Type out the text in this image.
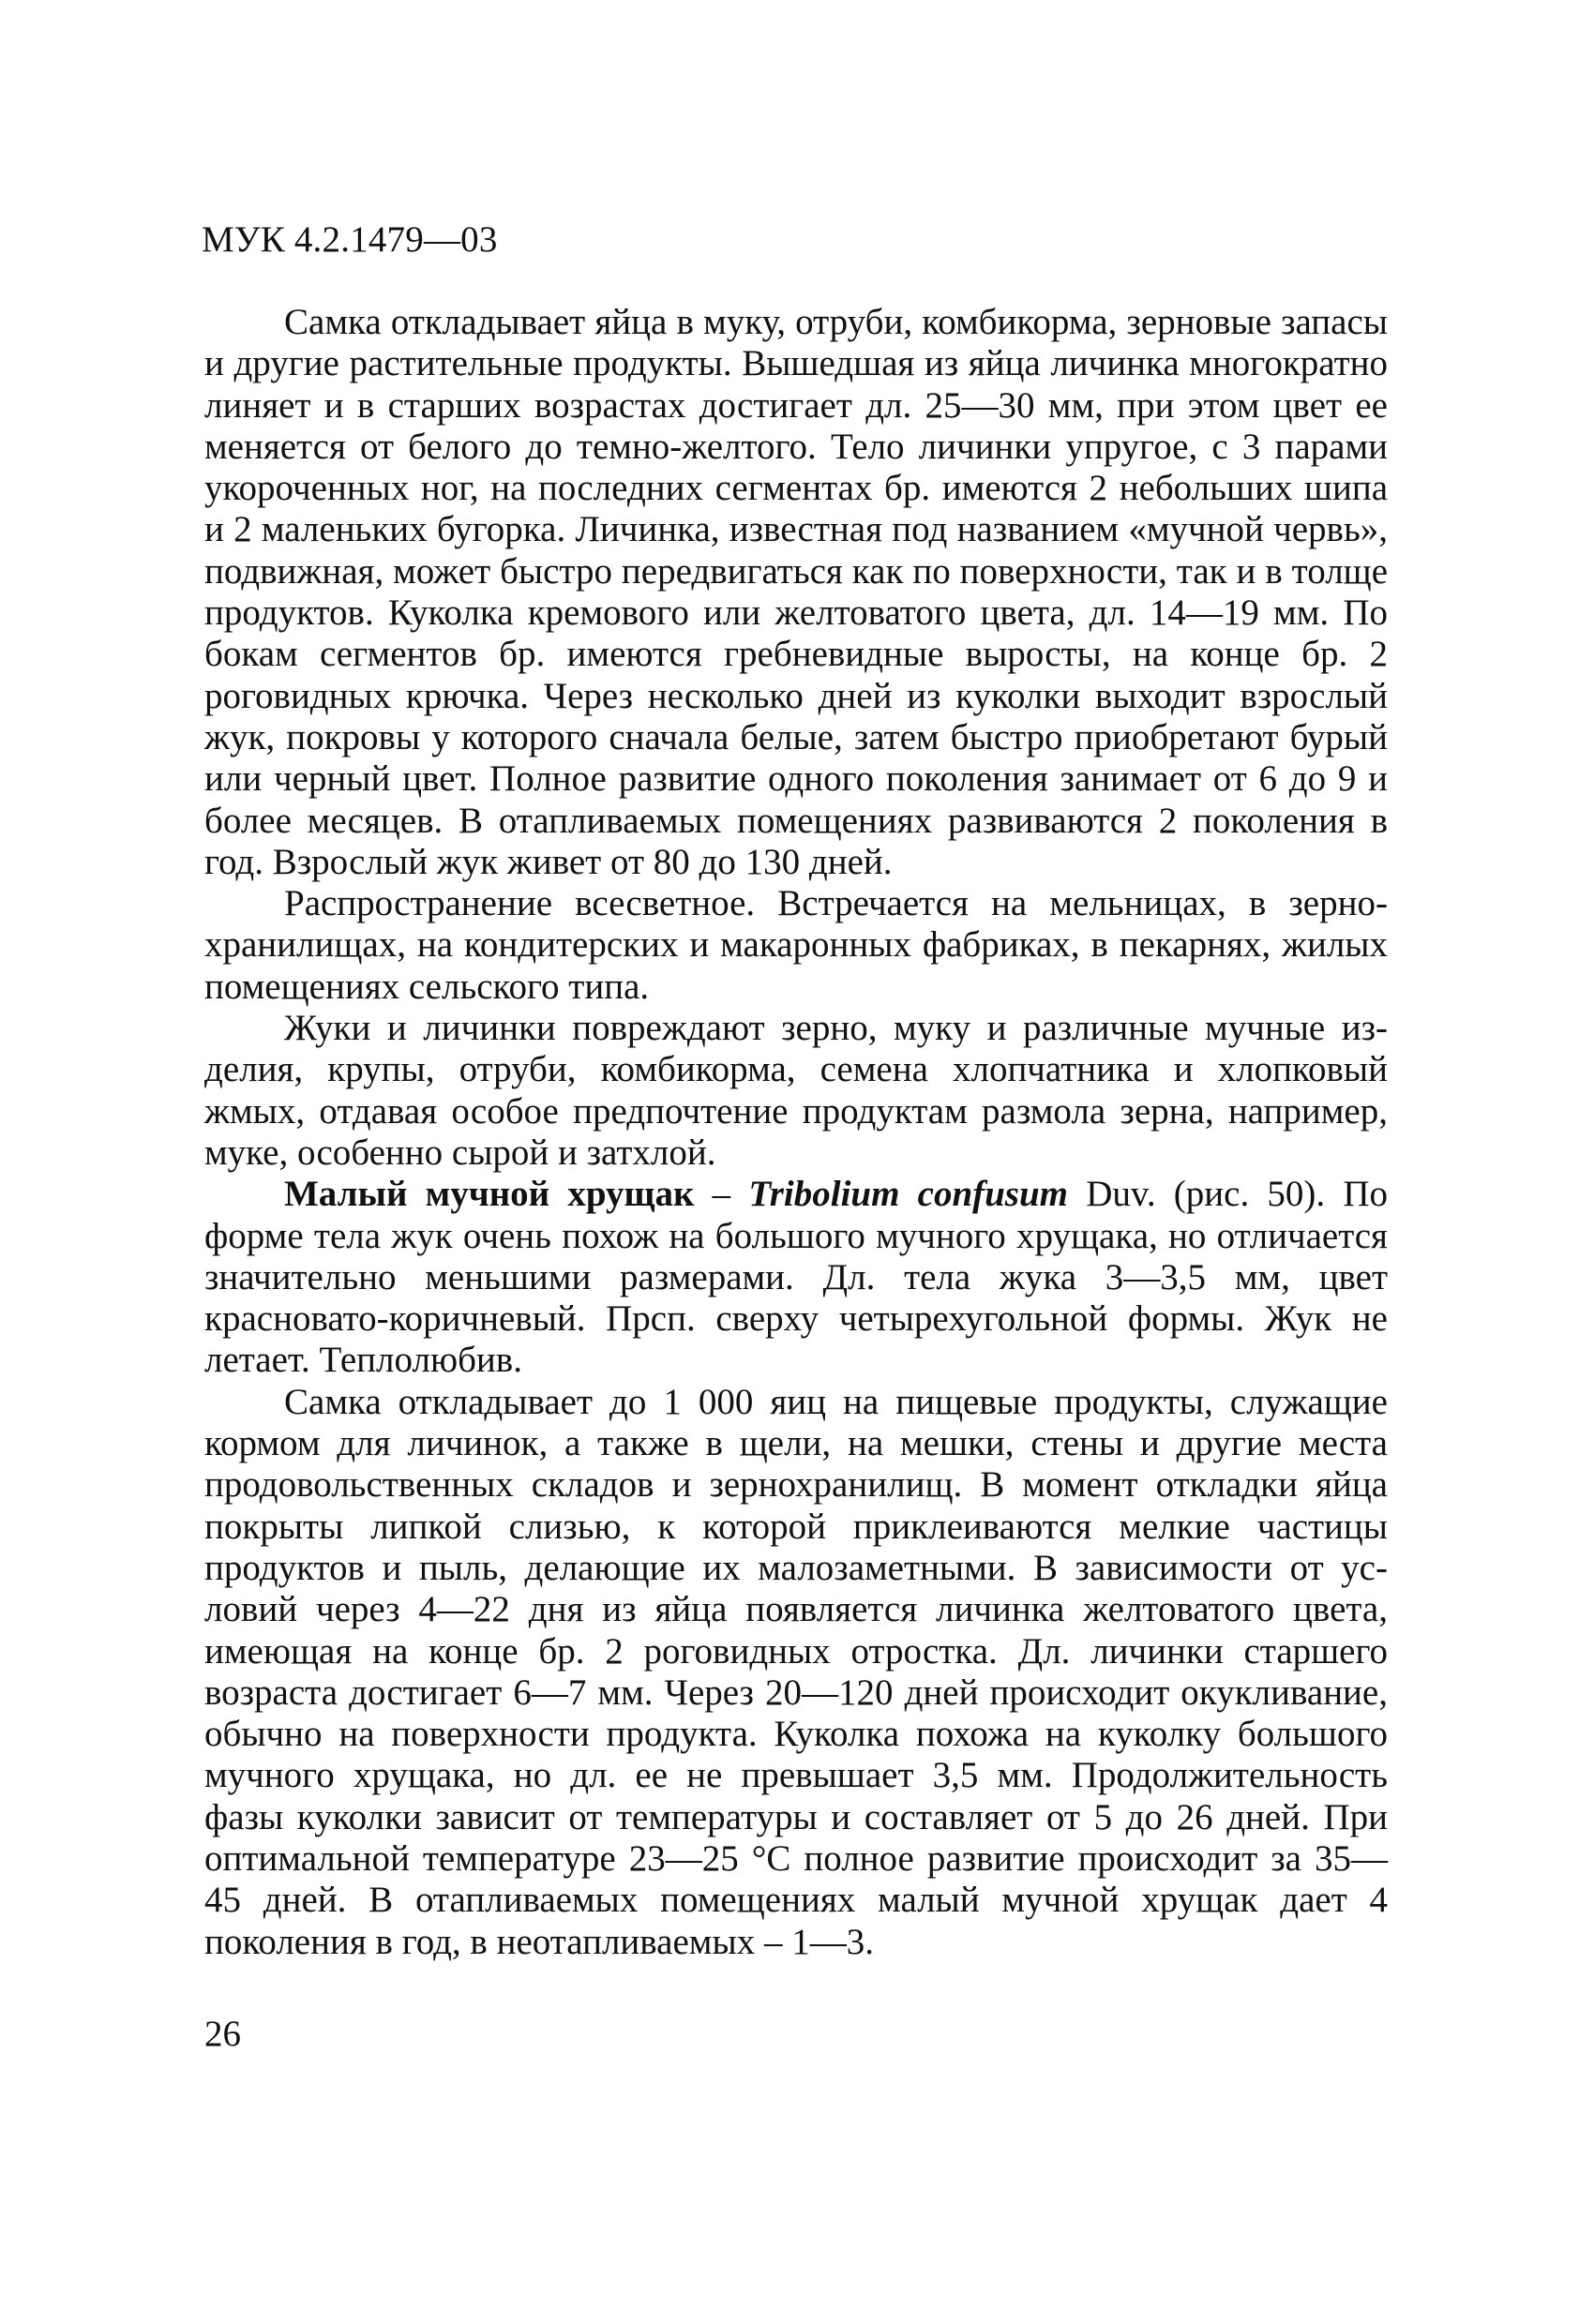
МУК 4.2.1479—03

Самка откладывает яйца в муку, отруби, комбикорма, зерновые запасы и другие растительные продукты. Вышедшая из яйца личинка многократно линяет и в старших возрастах достигает дл. 25—30 мм, при этом цвет ее меняется от белого до темно-желтого. Тело личинки упругое, с 3 парами укороченных ног, на последних сегментах бр. имеются 2 небольших шипа и 2 маленьких бугорка. Личинка, известная под названием «мучной червь», подвижная, может быстро передвигаться как по поверхности, так и в толще продуктов. Куколка кремового или желтоватого цвета, дл. 14—19 мм. По бокам сегментов бр. имеются гребневидные выросты, на конце бр. 2 роговидных крючка. Через несколько дней из куколки выходит взрослый жук, покровы у которого сначала белые, затем быстро приобретают бурый или черный цвет. Полное развитие одного поколения занимает от 6 до 9 и более месяцев. В отапливаемых помещениях развиваются 2 поколения в год. Взрослый жук живет от 80 до 130 дней.

Распространение всесветное. Встречается на мельницах, в зернохранилищах, на кондитерских и макаронных фабриках, в пекарнях, жилых помещениях сельского типа.

Жуки и личинки повреждают зерно, муку и различные мучные изделия, крупы, отруби, комбикорма, семена хлопчатника и хлопковый жмых, отдавая особое предпочтение продуктам размола зерна, например, муке, особенно сырой и затхлой.

Малый мучной хрущак – Tribolium confusum Duv. (рис. 50). По форме тела жук очень похож на большого мучного хрущака, но отличается значительно меньшими размерами. Дл. тела жука 3—3,5 мм, цвет красновато-коричневый. Прсп. сверху четырехугольной формы. Жук не летает. Теплолюбив.

Самка откладывает до 1 000 яиц на пищевые продукты, служащие кормом для личинок, а также в щели, на мешки, стены и другие места продовольственных складов и зернохранилищ. В момент откладки яйца покрыты липкой слизью, к которой приклеиваются мелкие частицы продуктов и пыль, делающие их малозаметными. В зависимости от условий через 4—22 дня из яйца появляется личинка желтоватого цвета, имеющая на конце бр. 2 роговидных отростка. Дл. личинки старшего возраста достигает 6—7 мм. Через 20—120 дней происходит окукливание, обычно на поверхности продукта. Куколка похожа на куколку большого мучного хрущака, но дл. ее не превышает 3,5 мм. Продолжительность фазы куколки зависит от температуры и составляет от 5 до 26 дней. При оптимальной температуре 23—25 °С полное развитие происходит за 35—45 дней. В отапливаемых помещениях малый мучной хрущак дает 4 поколения в год, в неотапливаемых – 1—3.

26
